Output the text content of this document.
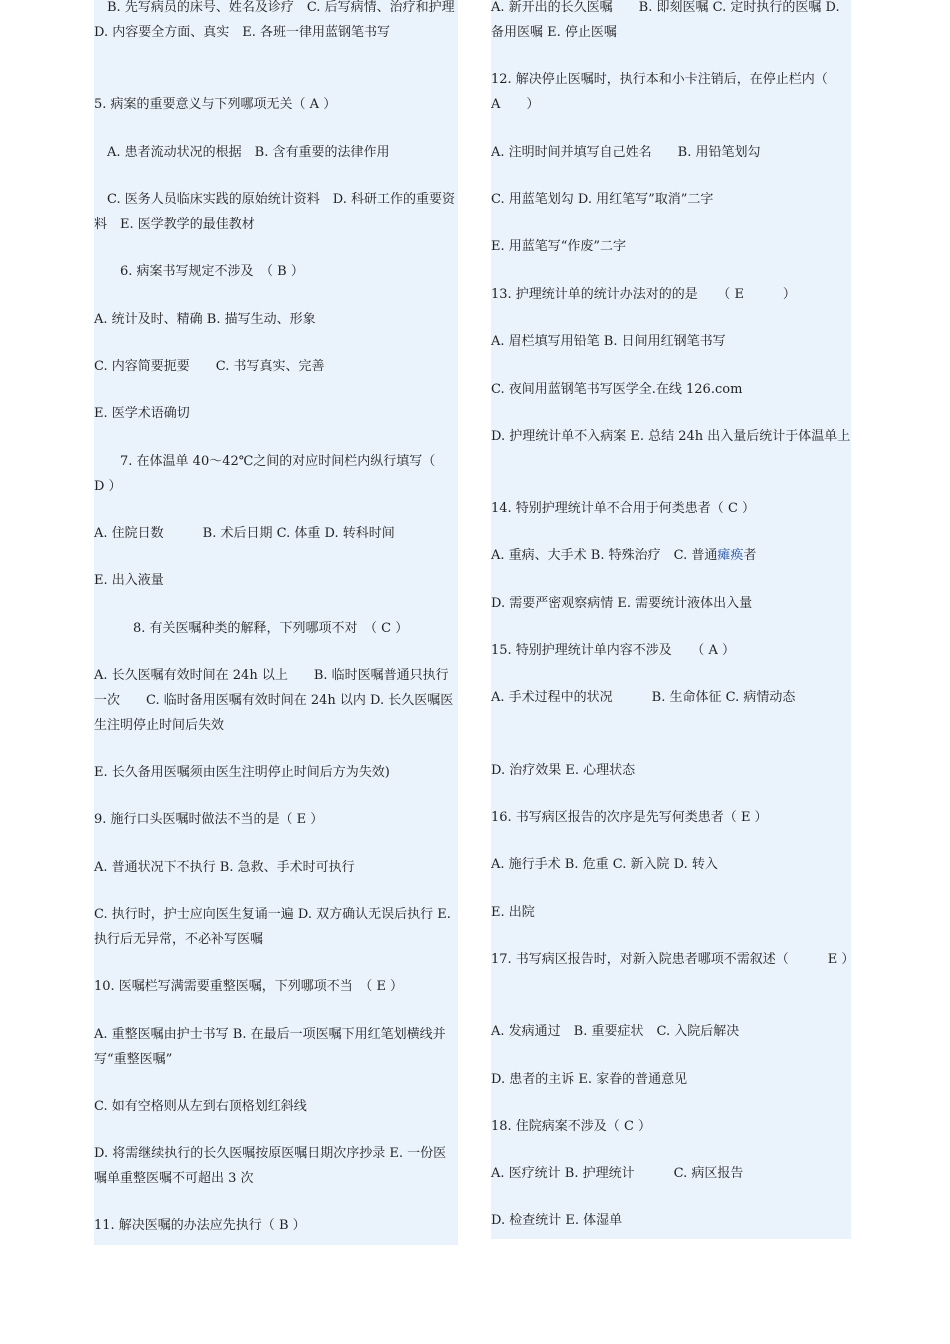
　B. 先写病员的床号、姓名及诊疗　C. 后写病情、治疗和护理　D. 内容要全方面、真实　E. 各班一律用蓝钢笔书写

5. 病案的重要意义与下列哪项无关（ A ）

　A. 患者流动状况的根据　B. 含有重要的法律作用

　C. 医务人员临床实践的原始统计资料　D. 科研工作的重要资料　E. 医学教学的最佳教材

　　6. 病案书写规定不涉及　（ B ）

A. 统计及时、精确 B. 描写生动、形象

C. 内容简要扼要　　C. 书写真实、完善

E. 医学术语确切

　　7. 在体温单 40～42℃之间的对应时间栏内纵行填写（　　　D ）

A. 住院日数　　　B. 术后日期 C. 体重 D. 转科时间

E. 出入液量

　　　8. 有关医嘱种类的解释，下列哪项不对　（ C ）

A. 长久医嘱有效时间在 24h 以上　　B. 临时医嘱普通只执行一次　　C. 临时备用医嘱有效时间在 24h 以内 D. 长久医嘱医生注明停止时间后失效

E. 长久备用医嘱须由医生注明停止时间后方为失效)

9. 施行口头医嘱时做法不当的是（ E ）

A. 普通状况下不执行 B. 急救、手术时可执行

C. 执行时，护士应向医生复诵一遍 D. 双方确认无误后执行 E. 执行后无异常，不必补写医嘱

10. 医嘱栏写满需要重整医嘱，下列哪项不当　（ E ）

A. 重整医嘱由护士书写 B. 在最后一项医嘱下用红笔划横线并写“重整医嘱”

C. 如有空格则从左到右顶格划红斜线

D. 将需继续执行的长久医嘱按原医嘱日期次序抄录 E. 一份医嘱单重整医嘱不可超出 3 次

11. 解决医嘱的办法应先执行（ B ）

A. 新开出的长久医嘱　　B. 即刻医嘱 C. 定时执行的医嘱 D. 备用医嘱 E. 停止医嘱

12. 解决停止医嘱时，执行本和小卡注销后，在停止栏内（　　A　　）

A. 注明时间并填写自己姓名　　B. 用铅笔划勾

C. 用蓝笔划勾 D. 用红笔写”取消”二字

E. 用蓝笔写“作废”二字

13. 护理统计单的统计办法对的的是　　（ E　　　）

A. 眉栏填写用铅笔 B. 日间用红钢笔书写

C. 夜间用蓝钢笔书写医学全.在线 126.com

D. 护理统计单不入病案 E. 总结 24h 出入量后统计于体温单上

14. 特别护理统计单不合用于何类患者（ C ）

A. 重病、大手术 B. 特殊治疗　C. 普通瘫痪者

D. 需要严密观察病情 E. 需要统计液体出入量

15. 特别护理统计单内容不涉及　　（ A ）

A. 手术过程中的状况　　　B. 生命体征 C. 病情动态

D. 治疗效果 E. 心理状态

16. 书写病区报告的次序是先写何类患者（ E ）

A. 施行手术 B. 危重 C. 新入院 D. 转入

E. 出院

17. 书写病区报告时，对新入院患者哪项不需叙述（　　　E ）

A. 发病通过　B. 重要症状　C. 入院后解决

D. 患者的主诉 E. 家眷的普通意见

18. 住院病案不涉及（ C ）

A. 医疗统计 B. 护理统计　　　C. 病区报告

D. 检查统计 E. 体湿单
